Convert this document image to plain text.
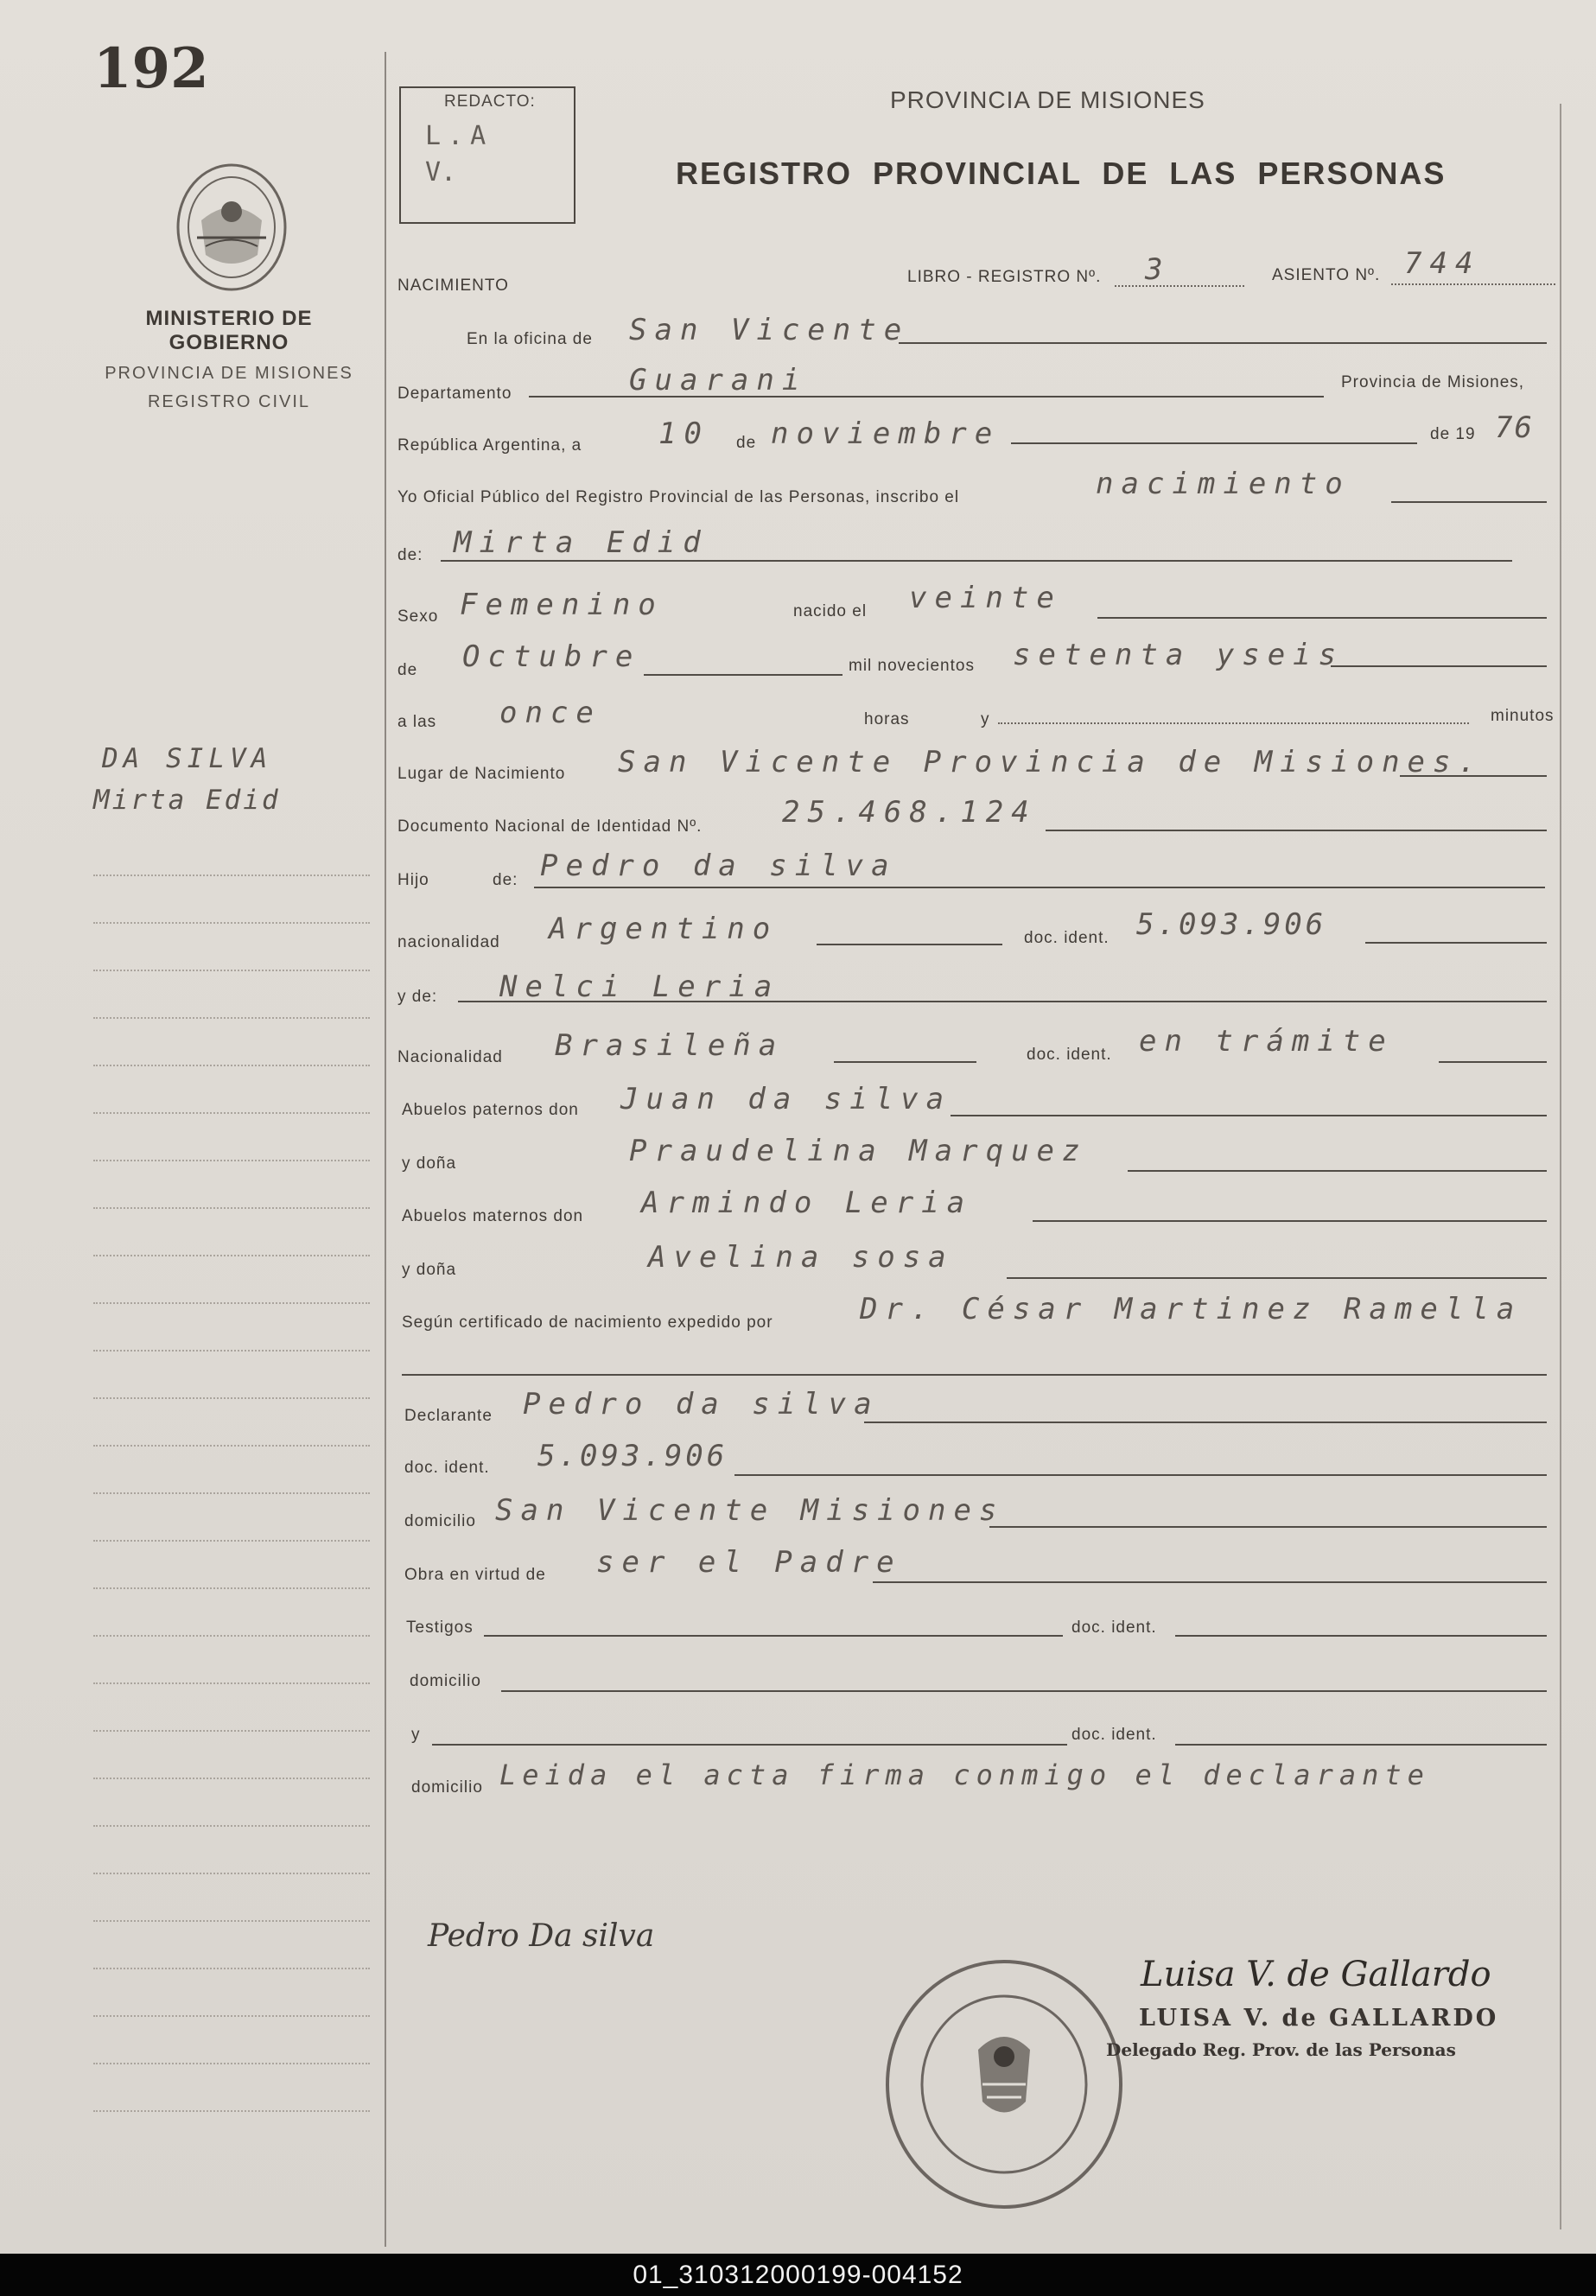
192
MINISTERIO DE GOBIERNO
PROVINCIA DE MISIONES
REGISTRO CIVIL
DA SILVA
Mirta Edid
REDACTO:
L.A
V.
PROVINCIA DE MISIONES
REGISTRO PROVINCIAL DE LAS PERSONAS
NACIMIENTO	LIBRO - REGISTRO Nº. 3	ASIENTO Nº. 744
En la oficina de San Vicente
Departamento	Guarani	Provincia de Misiones,
República Argentina, a	10 de noviembre	de 19 76
Yo Oficial Público del Registro Provincial de las Personas, inscribo el	nacimiento
de: Mirta Edid
Sexo Femenino	nacido el veinte
de Octubre	mil novecientos setenta yseis
a las once	horas	y	minutos
Lugar de Nacimiento San Vicente Provincia de Misiones.
Documento Nacional de Identidad Nº.	25.468.124
Hijo	de: Pedro da silva
nacionalidad Argentino	doc. ident. 5.093.906
y de: Nelci Leria
Nacionalidad Brasileña	doc. ident. en trámite
Abuelos paternos don Juan da silva
y doña	Praudelina Marquez
Abuelos maternos don Armindo Leria
y doña	Avelina sosa
Según certificado de nacimiento expedido por	Dr. César Martinez Ramella
Declarante Pedro da silva
doc. ident. 5.093.906
domicilio San Vicente Misiones
Obra en virtud de ser el Padre
Testigos	doc. ident.
domicilio
y	doc. ident.
domicilio Leida el acta firma conmigo el declarante
Pedro Da silva
Luisa V. de Gallardo
LUISA V. de GALLARDO
Delegado Reg. Prov. de las Personas
01_310312000199-004152
